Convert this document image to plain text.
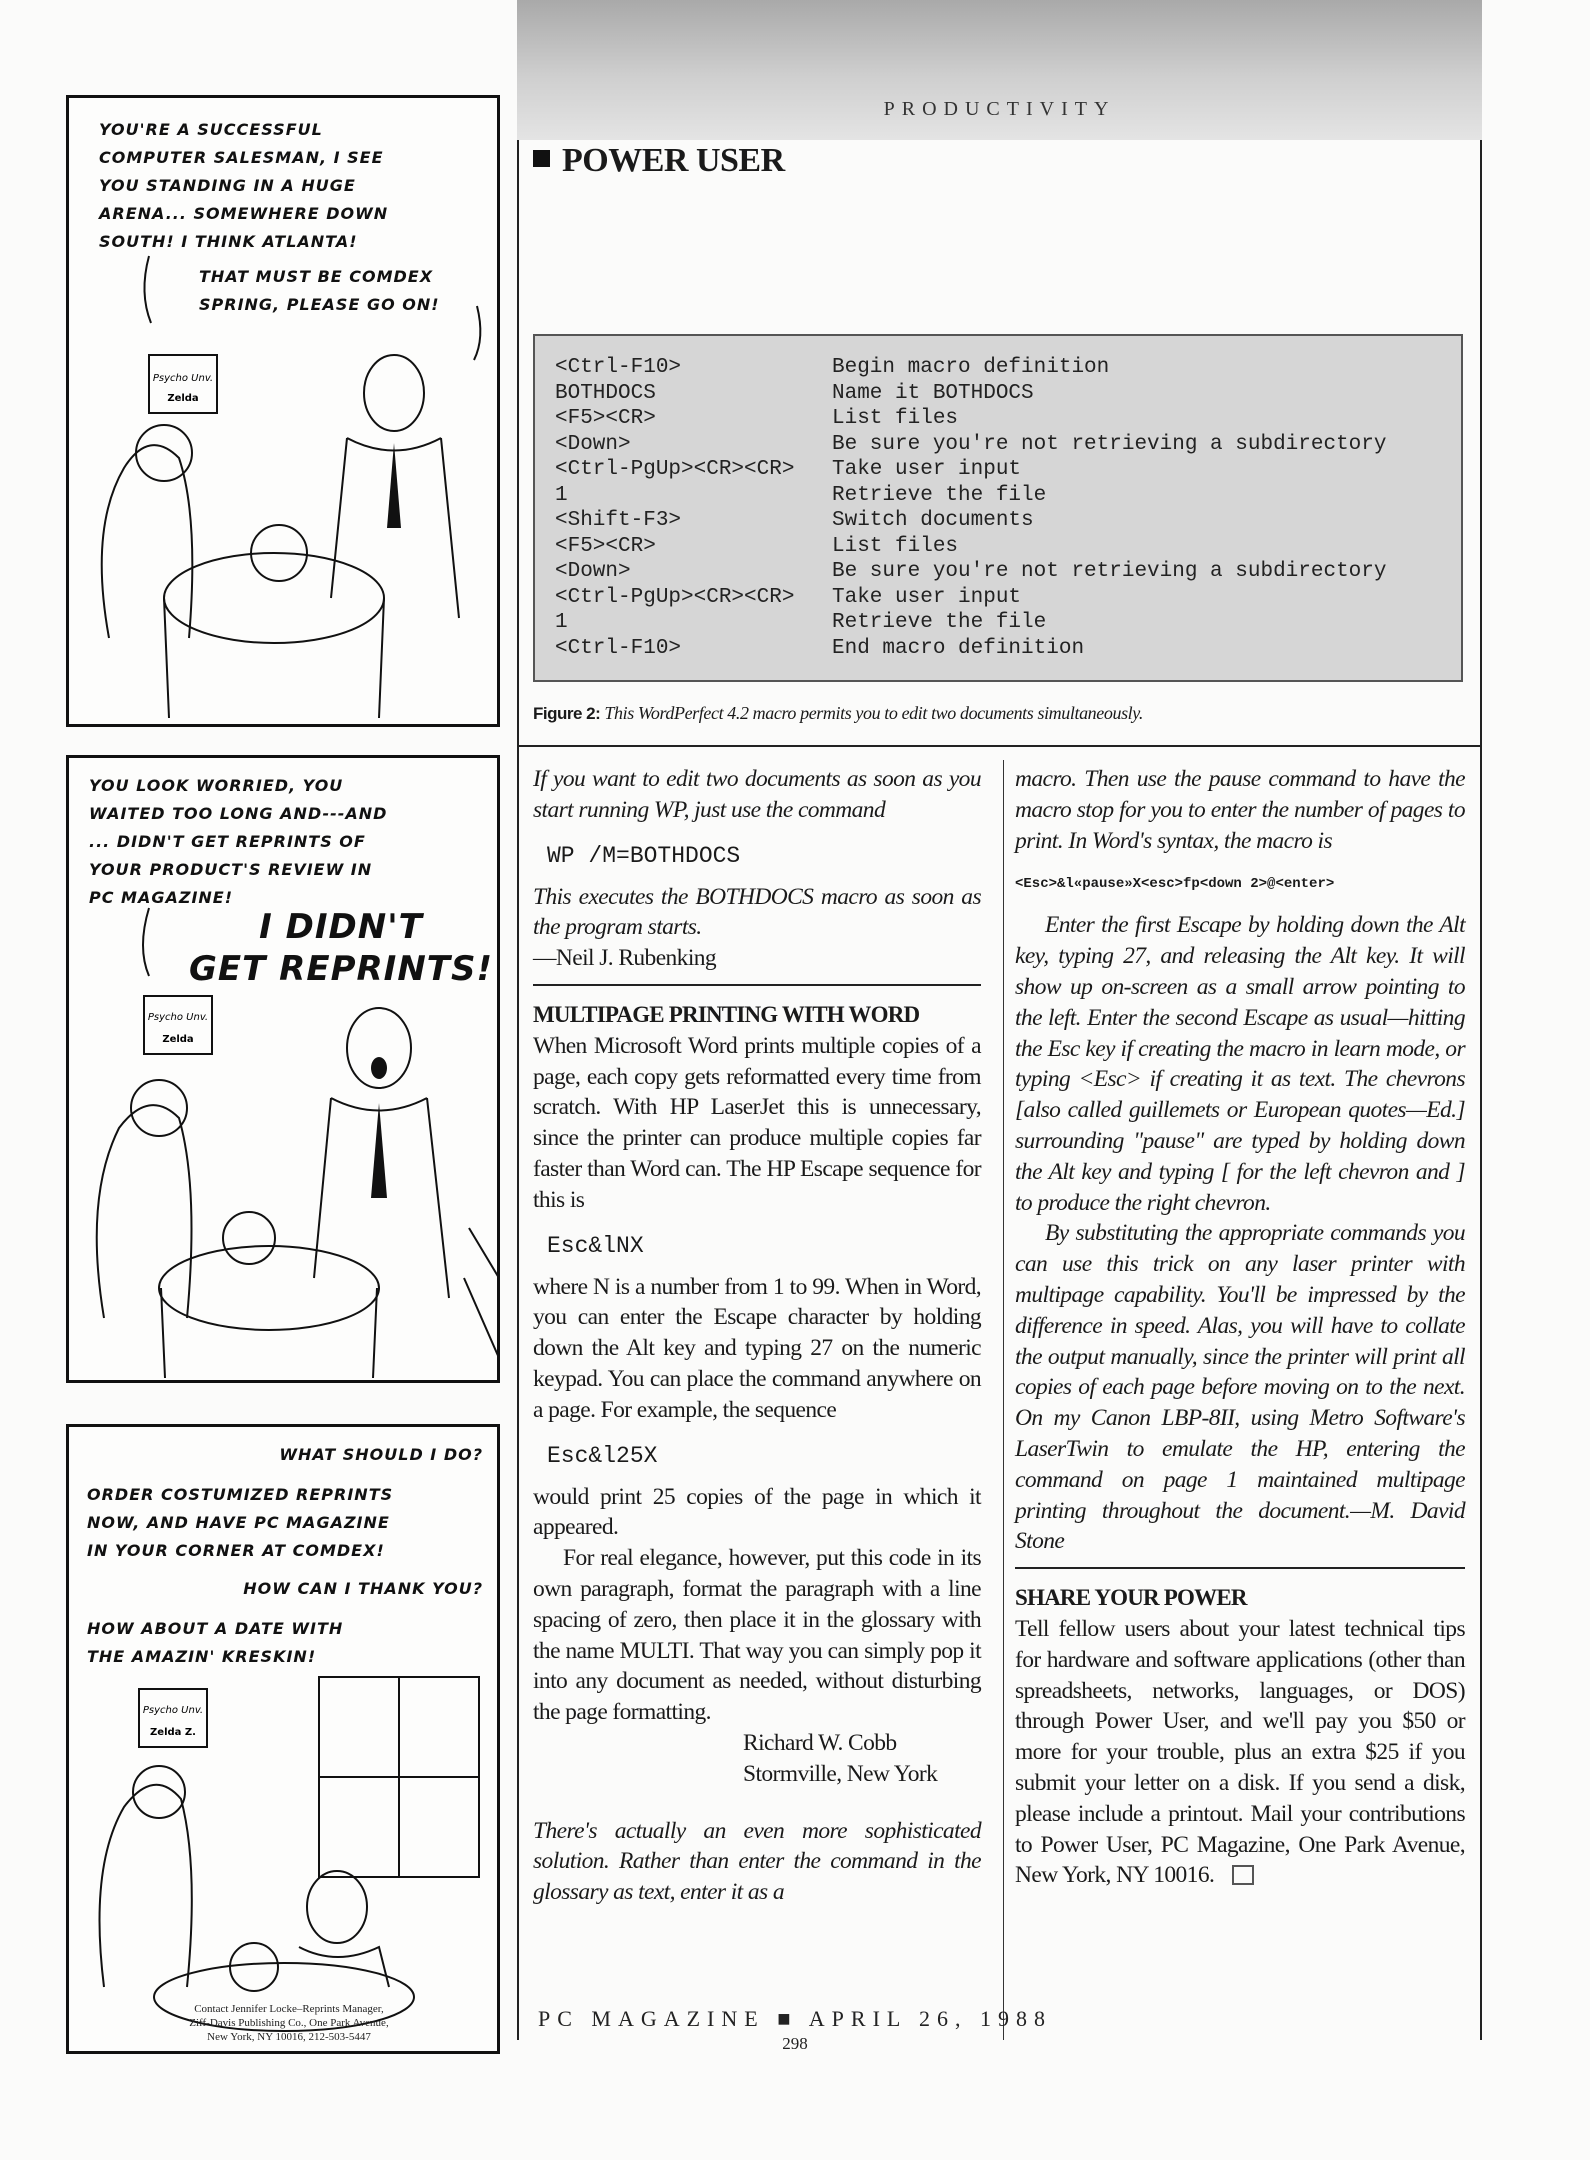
PRODUCTIVITY
POWER USER
<Ctrl-F10>	Begin macro definition
BOTHDOCS	Name it BOTHDOCS
<F5><CR>	List files
<Down>	Be sure you're not retrieving a subdirectory
<Ctrl-PgUp><CR><CR>	Take user input
1	Retrieve the file
<Shift-F3>	Switch documents
<F5><CR>	List files
<Down>	Be sure you're not retrieving a subdirectory
<Ctrl-PgUp><CR><CR>	Take user input
1	Retrieve the file
<Ctrl-F10>	End macro definition
Figure 2: This WordPerfect 4.2 macro permits you to edit two documents simultaneously.

If you want to edit two documents as soon as you start running WP, just use the command

WP /M=BOTHDOCS

This executes the BOTHDOCS macro as soon as the program starts.

—Neil J. Rubenking

MULTIPAGE PRINTING WITH WORD

When Microsoft Word prints multiple copies of a page, each copy gets reformatted every time from scratch. With HP LaserJet this is unnecessary, since the printer can produce multiple copies far faster than Word can. The HP Escape sequence for this is

Esc&lNX

where N is a number from 1 to 99. When in Word, you can enter the Escape character by holding down the Alt key and typing 27 on the numeric keypad. You can place the command anywhere on a page. For example, the sequence

Esc&l25X

would print 25 copies of the page in which it appeared.

For real elegance, however, put this code in its own paragraph, format the paragraph with a line spacing of zero, then place it in the glossary with the name MULTI. That way you can simply pop it into any document as needed, without disturbing the page formatting.

Richard W. Cobb

Stormville, New York

There's actually an even more sophisticated solution. Rather than enter the command in the glossary as text, enter it as a

macro. Then use the pause command to have the macro stop for you to enter the number of pages to print. In Word's syntax, the macro is

<Esc>&l«pause»X<esc>fp<down 2>@<enter>

Enter the first Escape by holding down the Alt key, typing 27, and releasing the Alt key. It will show up on-screen as a small arrow pointing to the left. Enter the second Escape as usual—hitting the Esc key if creating the macro in learn mode, or typing <Esc> if creating it as text. The chevrons [also called guillemets or European quotes—Ed.] surrounding "pause" are typed by holding down the Alt key and typing [ for the left chevron and ] to produce the right chevron.

By substituting the appropriate commands you can use this trick on any laser printer with multipage capability. You'll be impressed by the difference in speed. Alas, you will have to collate the output manually, since the printer will print all copies of each page before moving on to the next. On my Canon LBP-8II, using Metro Software's LaserTwin to emulate the HP, entering the command on page 1 maintained multipage printing throughout the document.—M. David Stone

SHARE YOUR POWER

Tell fellow users about your latest technical tips for hardware and software applications (other than spreadsheets, networks, languages, or DOS) through Power User, and we'll pay you $50 or more for your trouble, plus an extra $25 if you submit your letter on a disk. If you send a disk, please include a printout. Mail your contributions to Power User, PC Magazine, One Park Avenue, New York, NY 10016.

YOU'RE A SUCCESSFUL
COMPUTER SALESMAN, I SEE
YOU STANDING IN A HUGE
ARENA... SOMEWHERE DOWN
SOUTH! I THINK ATLANTA!
THAT MUST BE COMDEX
SPRING, PLEASE GO ON!
Psycho Unv.
Zelda
YOU LOOK WORRIED, YOU
WAITED TOO LONG AND---AND
... DIDN'T GET REPRINTS OF
YOUR PRODUCT'S REVIEW IN
PC MAGAZINE!
I DIDN'T
GET REPRINTS!
Psycho Unv.
Zelda
WHAT SHOULD I DO?
ORDER COSTUMIZED REPRINTS
NOW, AND HAVE PC MAGAZINE
IN YOUR CORNER AT COMDEX!
HOW CAN I THANK YOU?
HOW ABOUT A DATE WITH
THE AMAZIN' KRESKIN!
Psycho Unv.
Zelda Z.
Contact Jennifer Locke–Reprints Manager,
Ziff-Davis Publishing Co., One Park Avenue,
New York, NY 10016, 212-503-5447
PC MAGAZINE ■ APRIL 26, 1988
298
